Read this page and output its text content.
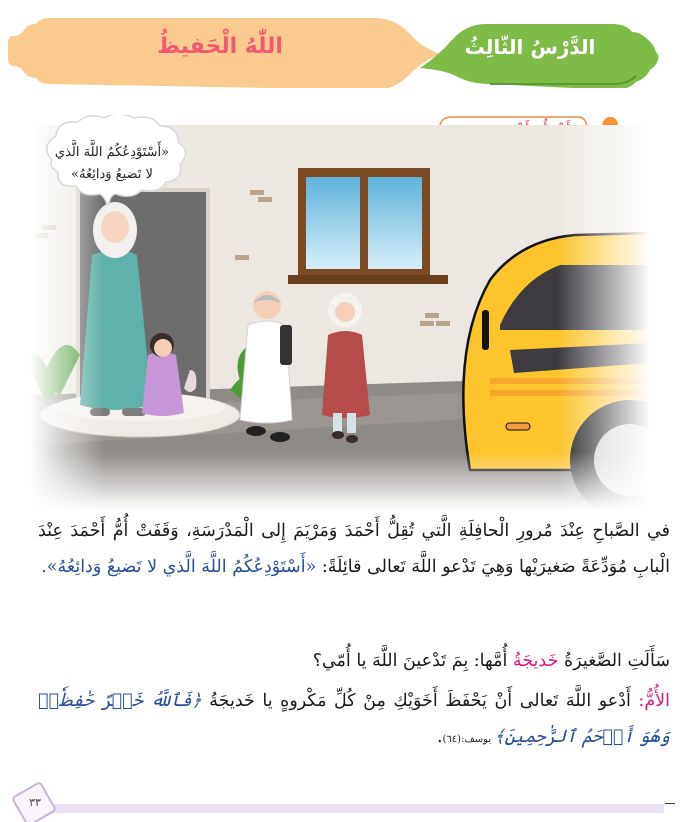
اللّٰهُ الْحَفيظُ	الدَّرْسُ الثّالِثُ
«أَسْتَوْدِعُكُمُ اللَّهَ الَّذي
لا تَضيعُ وَدائِعُهُ»

في الصَّباحِ عِنْدَ مُرورِ الْحافِلَةِ الَّتي تُقِلُّ أَحْمَدَ وَمَرْيَمَ إِلى الْمَدْرَسَةِ، وَقَفَتْ أُمُّ أَحْمَدَ عِنْدَ الْبابِ مُوَدِّعَةً صَغيرَيْها وَهِيَ تَدْعو اللَّهَ تَعالى قائِلَةً: «أَسْتَوْدِعُكُمُ اللَّهَ الَّذي لا تَضيعُ وَدائِعُهُ».

سَأَلَتِ الصَّغيرَةُ خَديجَةُ أُمَّها: بِمَ تَدْعينَ اللَّهَ يا أُمّي؟

الأُمُّ: أَدْعو اللَّهَ تَعالى أَنْ يَحْفَظَ أَخَوَيْكِ مِنْ كُلِّ مَكْروهٍ يا خَديجَةُ ﴿فَٱللَّهُ خَيۡرٌ حَٰفِظٗاۖ وَهُوَ أَرۡحَمُ ٱلرَّٰحِمِينَ﴾ يوسف:(٦٤).

٣٣
